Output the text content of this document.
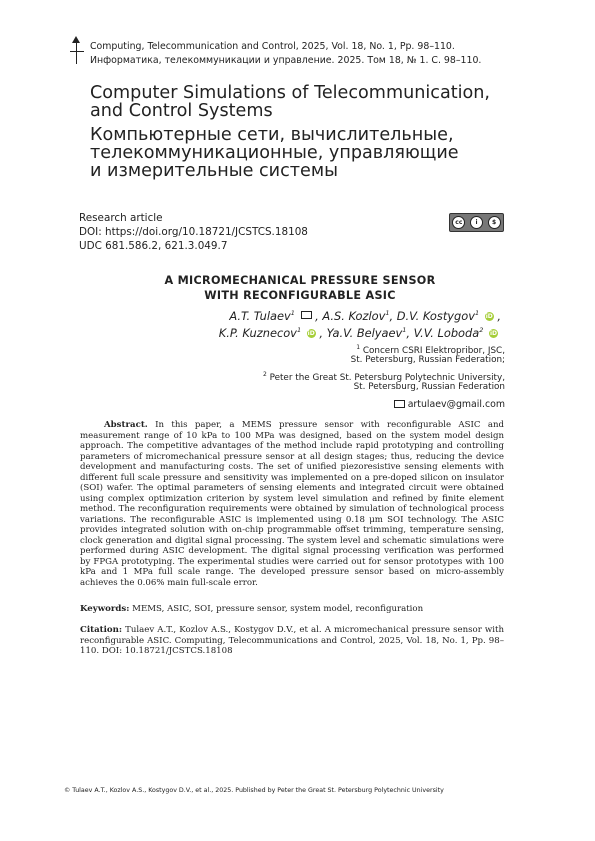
Computing, Telecommunication and Control, 2025, Vol. 18, No. 1, Pp. 98–110.
Информатика, телекоммуникации и управление. 2025. Том 18, № 1. С. 98–110.
Computer Simulations of Telecommunication,
and Control Systems
Компьютерные сети, вычислительные,
телекоммуникационные, управляющие
и измерительные системы
Research article
DOI: https://doi.org/10.18721/JCSTCS.18108
UDC 681.586.2, 621.3.049.7
cc	i	$
A MICROMECHANICAL PRESSURE SENSOR
WITH RECONFIGURABLE ASIC
A.T. Tulaev$^1$  , A.S. Kozlov$^1$, D.V. Kostygov$^1$ iD ,
K.P. Kuznecov$^1$ iD , Ya.V. Belyaev$^1$, V.V. Loboda$^2$ iD
$^1$ Concern CSRI Elektropribor, JSC,
St. Petersburg, Russian Federation;
$^2$ Peter the Great St. Petersburg Polytechnic University,
St. Petersburg, Russian Federation
artulaev@gmail.com
Abstract. In this paper, a MEMS pressure sensor with reconfigurable ASIC and measurement range of 10 kPa to 100 MPa was designed, based on the system model design approach. The competitive advantages of the method include rapid prototyping and controlling parameters of micromechanical pressure sensor at all design stages; thus, reducing the device development and manufacturing costs. The set of unified piezoresistive sensing elements with different full scale pressure and sensitivity was implemented on a pre-doped silicon on insulator (SOI) wafer. The optimal parameters of sensing elements and integrated circuit were obtained using complex optimization criterion by system level simulation and refined by finite element method. The reconfiguration requirements were obtained by simulation of technological process variations. The reconfigurable ASIC is implemented using 0.18 μm SOI technology. The ASIC provides integrated solution with on-chip programmable offset trimming, temperature sensing, clock generation and digital signal processing. The system level and schematic simulations were performed during ASIC development. The digital signal processing verification was performed by FPGA prototyping. The experimental studies were carried out for sensor prototypes with 100 kPa and 1 MPa full scale range. The developed pressure sensor based on micro-assembly achieves the 0.06% main full-scale error.
Keywords: MEMS, ASIC, SOI, pressure sensor, system model, reconfiguration
Citation: Tulaev A.T., Kozlov A.S., Kostygov D.V., et al. A micromechanical pressure sensor with reconfigurable ASIC. Computing, Telecommunications and Control, 2025, Vol. 18, No. 1, Pp. 98–110. DOI: 10.18721/JCSTCS.18108
© Tulaev A.T., Kozlov A.S., Kostygov D.V., et al., 2025. Published by Peter the Great St. Petersburg Polytechnic University
